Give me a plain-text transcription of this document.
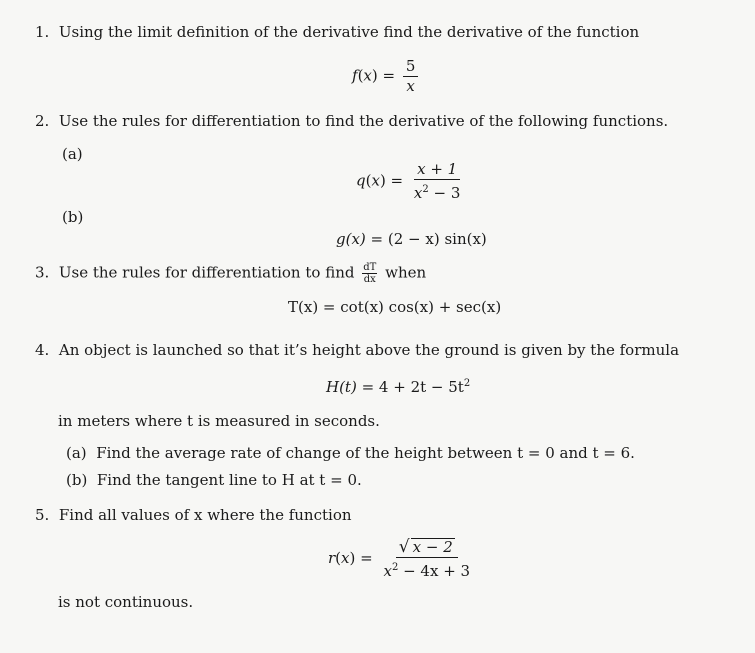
1. Using the limit definition of the derivative find the derivative of the function
$f(x) = \frac{5}{x}$
2. Use the rules for differentiation to find the derivative of the following functions.
(a)
$q(x) = \frac{x + 1}{x^2 - 3}$
(b)
g(x) = (2 − x) sin(x)
3. Use the rules for differentiation to find $\frac{dT}{dx}$ when
T(x) = cot(x) cos(x) + sec(x)
4. An object is launched so that it’s height above the ground is given by the formula
$H(t) = 4 + 2t - 5t^2$
in meters where t is measured in seconds.
(a) Find the average rate of change of the height between t = 0 and t = 6.
(b) Find the tangent line to H at t = 0.
5. Find all values of x where the function
$r(x) = \frac{√ x - 2}{x^2 - 4x + 3}$
is not continuous.
